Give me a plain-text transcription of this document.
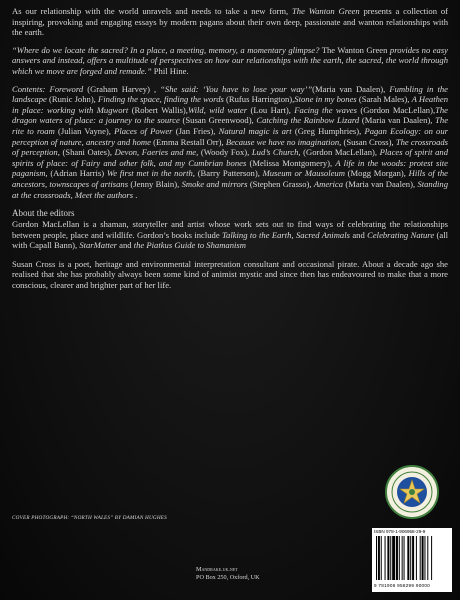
As our relationship with the world unravels and needs to take a new form, The Wanton Green presents a collection of inspiring, provoking and engaging essays by modern pagans about their own deep, passionate and wanton relationships with the earth.

“Where do we locate the sacred? In a place, a meeting, memory, a momentary glimpse? The Wanton Green provides no easy answers and instead, offers a multitude of perspectives on how our relationships with the earth, the sacred, the world through which we move are forged and remade.” Phil Hine.

Contents: Foreword (Graham Harvey) , “She said: ‘You have to lose your way’”(Maria van Daalen), Fumbling in the landscape (Runic John), Finding the space, finding the words (Rufus Harrington),Stone in my bones (Sarah Males), A Heathen in place: working with Mugwort (Robert Wallis),Wild, wild water (Lou Hart), Facing the waves (Gordon MacLellan),The dragon waters of place: a journey to the source (Susan Greenwood), Catching the Rainbow Lizard (Maria van Daalen), The rite to roam (Julian Vayne), Places of Power (Jan Fries), Natural magic is art (Greg Humphries), Pagan Ecology: on our perception of nature, ancestry and home (Emma Restall Orr), Because we have no imagination, (Susan Cross), The crossroads of perception, (Shani Oates), Devon, Faeries and me, (Woody Fox), Lud’s Church, (Gordon MacLellan), Places of spirit and spirits of place: of Fairy and other folk, and my Cumbrian bones (Melissa Montgomery), A life in the woods: protest site paganism, (Adrian Harris) We first met in the north, (Barry Patterson), Museum or Mausoleum (Mogg Morgan), Hills of the ancestors, townscapes of artisans (Jenny Blain), Smoke and mirrors (Stephen Grasso), America (Maria van Daalen), Standing at the crossroads, Meet the authors .

About the editors

Gordon MacLellan is a shaman, storyteller and artist whose work sets out to find ways of celebrating the relationships between people, place and wildlife. Gordon’s books include Talking to the Earth, Sacred Animals and Celebrating Nature (all with Capall Bann), StarMatter and the Piatkus Guide to Shamanism

Susan Cross is a poet, heritage and environmental interpretation consultant and occasional pirate. About a decade ago she realised that she has probably always been some kind of animist mystic and since then has endeavoured to make that a more conscious, clearer and brighter part of her life.

COVER PHOTOGRAPH: “NORTH WALES” BY DAMIAN HUGHES
Mandrake.uk.net
PO Box 250, Oxford, UK
ISBN 978-1-906958-29-9
9 781906 958299 90000
